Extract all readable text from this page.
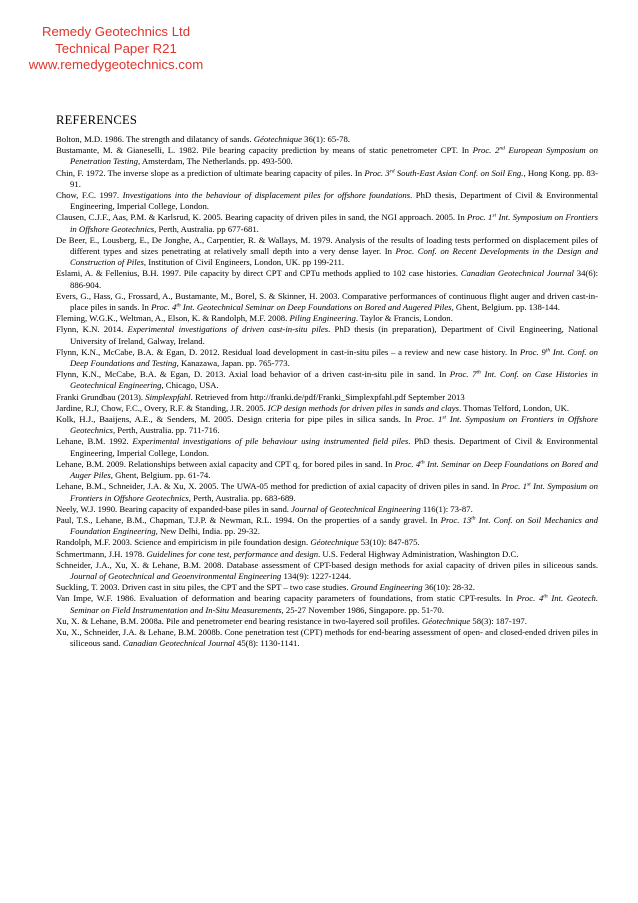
Remedy Geotechnics Ltd
Technical Paper R21
www.remedygeotechnics.com
REFERENCES

Bolton, M.D. 1986. The strength and dilatancy of sands. Géotechnique 36(1): 65-78.

Bustamante, M. & Gianeselli, L. 1982. Pile bearing capacity prediction by means of static penetrometer CPT. In Proc. 2nd European Symposium on Penetration Testing, Amsterdam, The Netherlands. pp. 493-500.

Chin, F. 1972. The inverse slope as a prediction of ultimate bearing capacity of piles. In Proc. 3rd South-East Asian Conf. on Soil Eng., Hong Kong. pp. 83-91.

Chow, F.C. 1997. Investigations into the behaviour of displacement piles for offshore foundations. PhD thesis, Department of Civil & Environmental Engineering, Imperial College, London.

Clausen, C.J.F., Aas, P.M. & Karlsrud, K. 2005. Bearing capacity of driven piles in sand, the NGI approach. 2005. In Proc. 1st Int. Symposium on Frontiers in Offshore Geotechnics, Perth, Australia. pp 677-681.

De Beer, E., Lousberg, E., De Jonghe, A., Carpentier, R. & Wallays, M. 1979. Analysis of the results of loading tests performed on displacement piles of different types and sizes penetrating at relatively small depth into a very dense layer. In Proc. Conf. on Recent Developments in the Design and Construction of Piles, Institution of Civil Engineers, London, UK. pp 199-211.

Eslami, A. & Fellenius, B.H. 1997. Pile capacity by direct CPT and CPTu methods applied to 102 case histories. Canadian Geotechnical Journal 34(6): 886-904.

Evers, G., Hass, G., Frossard, A., Bustamante, M., Borel, S. & Skinner, H. 2003. Comparative performances of continuous flight auger and driven cast-in-place piles in sands. In Proc. 4th Int. Geotechnical Seminar on Deep Foundations on Bored and Augered Piles, Ghent, Belgium. pp. 138-144.

Fleming, W.G.K., Weltman, A., Elson, K. & Randolph, M.F. 2008. Piling Engineering. Taylor & Francis, London.

Flynn, K.N. 2014. Experimental investigations of driven cast-in-situ piles. PhD thesis (in preparation), Department of Civil Engineering, National University of Ireland, Galway, Ireland.

Flynn, K.N., McCabe, B.A. & Egan, D. 2012. Residual load development in cast-in-situ piles – a review and new case history. In Proc. 9th Int. Conf. on Deep Foundations and Testing, Kanazawa, Japan. pp. 765-773.

Flynn, K.N., McCabe, B.A. & Egan, D. 2013. Axial load behavior of a driven cast-in-situ pile in sand. In Proc. 7th Int. Conf. on Case Histories in Geotechnical Engineering, Chicago, USA.

Franki Grundbau (2013). Simplexpfahl. Retrieved from http://franki.de/pdf/Franki_Simplexpfahl.pdf September 2013

Jardine, R.J, Chow, F.C., Overy, R.F. & Standing, J.R. 2005. ICP design methods for driven piles in sands and clays. Thomas Telford, London, UK.

Kolk, H.J., Baaijens, A.E., & Senders, M. 2005. Design criteria for pipe piles in silica sands. In Proc. 1st Int. Symposium on Frontiers in Offshore Geotechnics, Perth, Australia. pp. 711-716.

Lehane, B.M. 1992. Experimental investigations of pile behaviour using instrumented field piles. PhD thesis. Department of Civil & Environmental Engineering, Imperial College, London.

Lehane, B.M. 2009. Relationships between axial capacity and CPT $q_c$ for bored piles in sand. In Proc. 4th Int. Seminar on Deep Foundations on Bored and Auger Piles, Ghent, Belgium. pp. 61-74.

Lehane, B.M., Schneider, J.A. & Xu, X. 2005. The UWA-05 method for prediction of axial capacity of driven piles in sand. In Proc. 1st Int. Symposium on Frontiers in Offshore Geotechnics, Perth, Australia. pp. 683-689.

Neely, W.J. 1990. Bearing capacity of expanded-base piles in sand. Journal of Geotechnical Engineering 116(1): 73-87.

Paul, T.S., Lehane, B.M., Chapman, T.J.P. & Newman, R.L. 1994. On the properties of a sandy gravel. In Proc. 13th Int. Conf. on Soil Mechanics and Foundation Engineering, New Delhi, India. pp. 29-32.

Randolph, M.F. 2003. Science and empiricism in pile foundation design. Géotechnique 53(10): 847-875.

Schmertmann, J.H. 1978. Guidelines for cone test, performance and design. U.S. Federal Highway Administration, Washington D.C.

Schneider, J.A., Xu, X. & Lehane, B.M. 2008. Database assessment of CPT-based design methods for axial capacity of driven piles in siliceous sands. Journal of Geotechnical and Geoenvironmental Engineering 134(9): 1227-1244.

Suckling, T. 2003. Driven cast in situ piles, the CPT and the SPT – two case studies. Ground Engineering 36(10): 28-32.

Van Impe, W.F. 1986. Evaluation of deformation and bearing capacity parameters of foundations, from static CPT-results. In Proc. 4th Int. Geotech. Seminar on Field Instrumentation and In-Situ Measurements, 25-27 November 1986, Singapore. pp. 51-70.

Xu, X. & Lehane, B.M. 2008a. Pile and penetrometer end bearing resistance in two-layered soil profiles. Géotechnique 58(3): 187-197.

Xu, X., Schneider, J.A. & Lehane, B.M. 2008b. Cone penetration test (CPT) methods for end-bearing assessment of open- and closed-ended driven piles in siliceous sand. Canadian Geotechnical Journal 45(8): 1130-1141.
